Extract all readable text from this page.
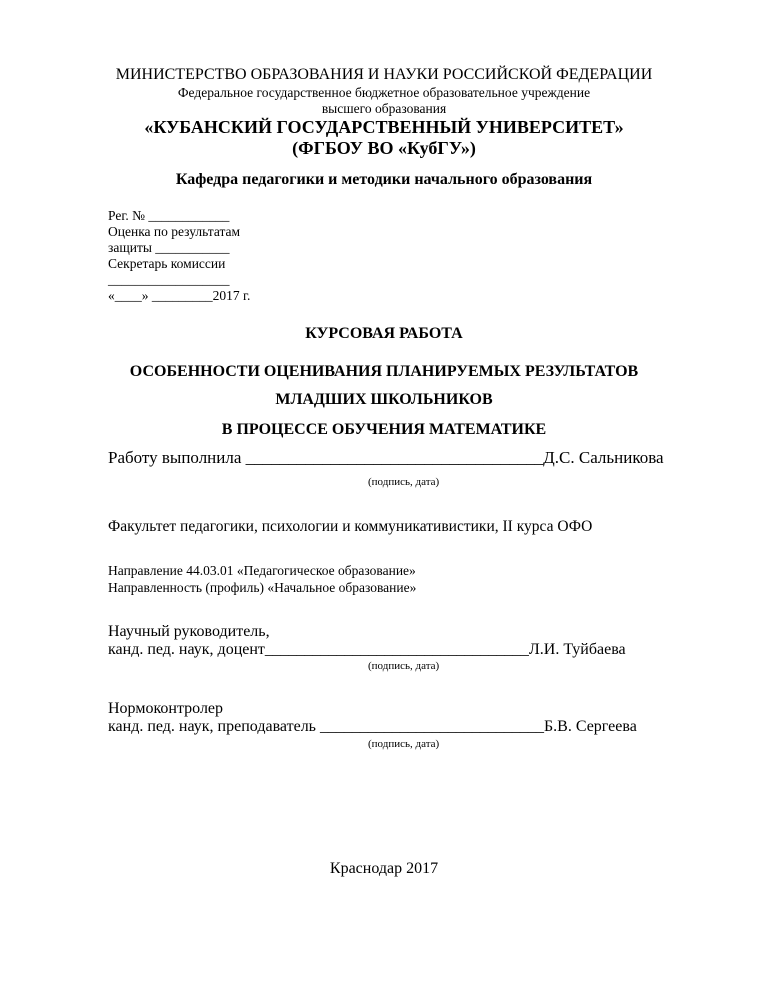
МИНИСТЕРСТВО ОБРАЗОВАНИЯ И НАУКИ РОССИЙСКОЙ ФЕДЕРАЦИИ
Федеральное государственное бюджетное образовательное учреждение
высшего образования
«КУБАНСКИЙ ГОСУДАРСТВЕННЫЙ УНИВЕРСИТЕТ»
(ФГБОУ ВО «КубГУ»)
Кафедра педагогики и методики начального образования
Рег. № ____________
Оценка по результатам
защиты ___________
Секретарь комиссии
__________________
«____» _________2017 г.
КУРСОВАЯ РАБОТА
ОСОБЕННОСТИ ОЦЕНИВАНИЯ ПЛАНИРУЕМЫХ РЕЗУЛЬТАТОВ
МЛАДШИХ ШКОЛЬНИКОВ
В ПРОЦЕССЕ ОБУЧЕНИЯ МАТЕМАТИКЕ
Работу выполнила ___________________________________Д.С. Сальникова
(подпись, дата)
Факультет педагогики, психологии и коммуникативистики, II курса ОФО
Направление 44.03.01 «Педагогическое образование»
Направленность (профиль) «Начальное образование»
Научный руководитель,
канд. пед. наук, доцент_________________________________Л.И. Туйбаева
(подпись, дата)
Нормоконтролер
канд. пед. наук, преподаватель ____________________________Б.В. Сергеева
(подпись, дата)
Краснодар 2017
